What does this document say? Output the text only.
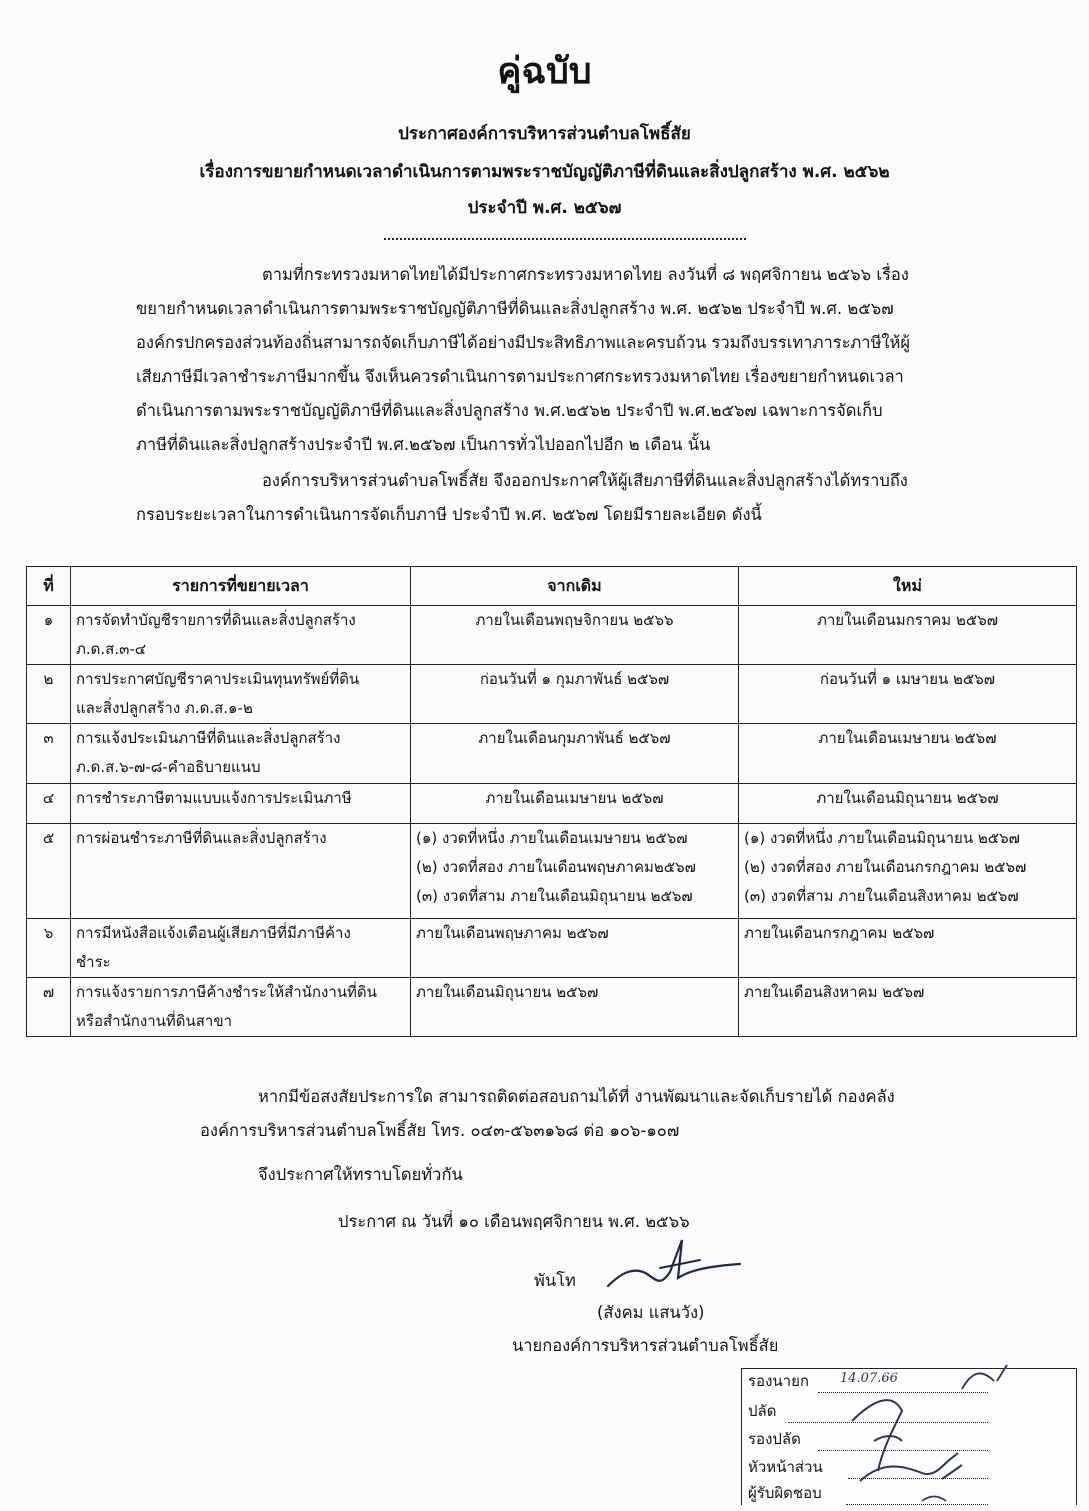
คู่ฉบับ
ประกาศองค์การบริหารส่วนตำบลโพธิ์สัย
เรื่องการขยายกำหนดเวลาดำเนินการตามพระราชบัญญัติภาษีที่ดินและสิ่งปลูกสร้าง พ.ศ. ๒๕๖๒
ประจำปี พ.ศ. ๒๕๖๗
ตามที่กระทรวงมหาดไทยได้มีประกาศกระทรวงมหาดไทย ลงวันที่ ๘ พฤศจิกายน ๒๕๖๖ เรื่อง
ขยายกำหนดเวลาดำเนินการตามพระราชบัญญัติภาษีที่ดินและสิ่งปลูกสร้าง พ.ศ. ๒๕๖๒ ประจำปี พ.ศ. ๒๕๖๗
องค์กรปกครองส่วนท้องถิ่นสามารถจัดเก็บภาษีได้อย่างมีประสิทธิภาพและครบถ้วน รวมถึงบรรเทาภาระภาษีให้ผู้
เสียภาษีมีเวลาชำระภาษีมากขึ้น จึงเห็นควรดำเนินการตามประกาศกระทรวงมหาดไทย เรื่องขยายกำหนดเวลา
ดำเนินการตามพระราชบัญญัติภาษีที่ดินและสิ่งปลูกสร้าง พ.ศ.๒๕๖๒ ประจำปี พ.ศ.๒๕๖๗ เฉพาะการจัดเก็บ
ภาษีที่ดินและสิ่งปลูกสร้างประจำปี พ.ศ.๒๕๖๗ เป็นการทั่วไปออกไปอีก ๒ เดือน นั้น
องค์การบริหารส่วนตำบลโพธิ์สัย จึงออกประกาศให้ผู้เสียภาษีที่ดินและสิ่งปลูกสร้างได้ทราบถึง
กรอบระยะเวลาในการดำเนินการจัดเก็บภาษี ประจำปี พ.ศ. ๒๕๖๗ โดยมีรายละเอียด ดังนี้
ที่	รายการที่ขยายเวลา	จากเดิม	ใหม่
๑	การจัดทำบัญชีรายการที่ดินและสิ่งปลูกสร้าง
ภ.ด.ส.๓-๔	ภายในเดือนพฤษจิกายน ๒๕๖๖	ภายในเดือนมกราคม ๒๕๖๗

๒	การประกาศบัญชีราคาประเมินทุนทรัพย์ที่ดิน
และสิ่งปลูกสร้าง ภ.ด.ส.๑-๒	ก่อนวันที่ ๑ กุมภาพันธ์ ๒๕๖๗	ก่อนวันที่ ๑ เมษายน ๒๕๖๗

๓	การแจ้งประเมินภาษีที่ดินและสิ่งปลูกสร้าง
ภ.ด.ส.๖-๗-๘-คำอธิบายแนบ	ภายในเดือนกุมภาพันธ์ ๒๕๖๗	ภายในเดือนเมษายน ๒๕๖๗

๔	การชำระภาษีตามแบบแจ้งการประเมินภาษี	ภายในเดือนเมษายน ๒๕๖๗	ภายในเดือนมิถุนายน ๒๕๖๗

๕	การผ่อนชำระภาษีที่ดินและสิ่งปลูกสร้าง	(๑) งวดที่หนึ่ง ภายในเดือนเมษายน ๒๕๖๗
(๒) งวดที่สอง ภายในเดือนพฤษภาคม๒๕๖๗
(๓) งวดที่สาม ภายในเดือนมิถุนายน ๒๕๖๗	(๑) งวดที่หนึ่ง ภายในเดือนมิถุนายน ๒๕๖๗
(๒) งวดที่สอง ภายในเดือนกรกฎาคม ๒๕๖๗
(๓) งวดที่สาม ภายในเดือนสิงหาคม ๒๕๖๗

๖	การมีหนังสือแจ้งเตือนผู้เสียภาษีที่มีภาษีค้าง
ชำระ	ภายในเดือนพฤษภาคม ๒๕๖๗	ภายในเดือนกรกฎาคม ๒๕๖๗

๗	การแจ้งรายการภาษีค้างชำระให้สำนักงานที่ดิน
หรือสำนักงานที่ดินสาขา	ภายในเดือนมิถุนายน ๒๕๖๗	ภายในเดือนสิงหาคม ๒๕๖๗
หากมีข้อสงสัยประการใด สามารถติดต่อสอบถามได้ที่ งานพัฒนาและจัดเก็บรายได้ กองคลัง
องค์การบริหารส่วนตำบลโพธิ์สัย โทร. ๐๔๓-๕๖๓๑๖๘ ต่อ ๑๐๖-๑๐๗
จึงประกาศให้ทราบโดยทั่วกัน
ประกาศ ณ วันที่ ๑๐ เดือนพฤศจิกายน พ.ศ. ๒๕๖๖
พันโท
(สังคม แสนวัง)
นายกองค์การบริหารส่วนตำบลโพธิ์สัย
รองนายก 14.07.66
ปลัด
รองปลัด
หัวหน้าส่วน
ผู้รับผิดชอบ
